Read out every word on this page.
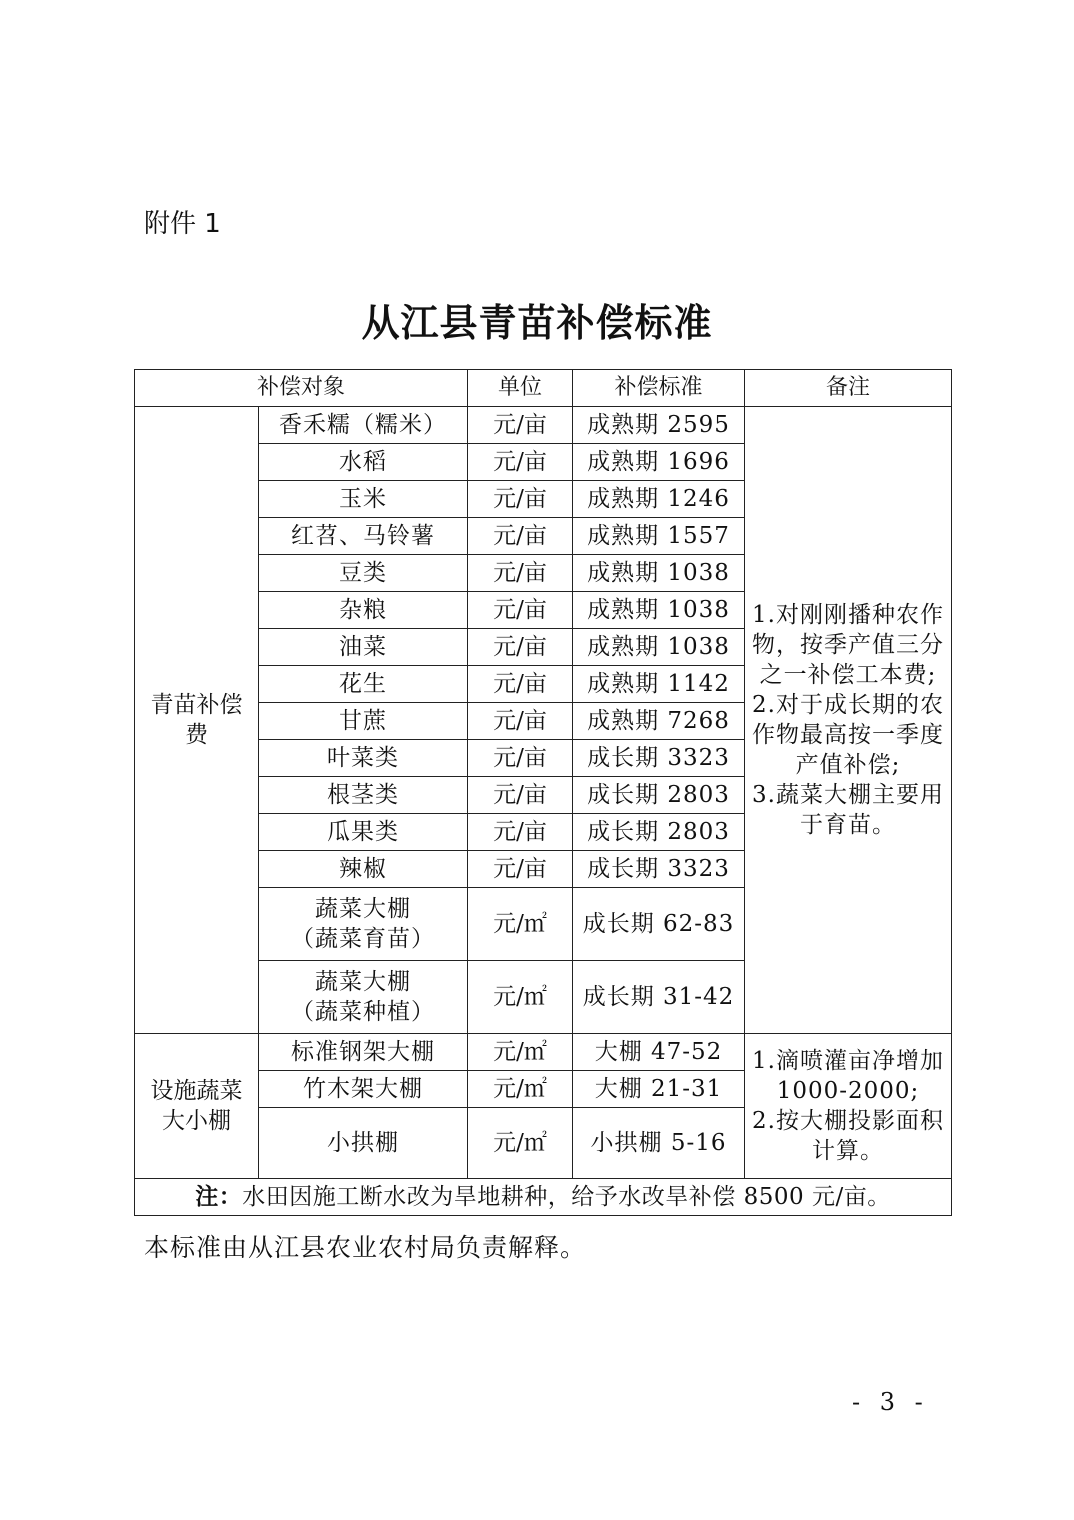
附件 1
从江县青苗补偿标准
补偿对象		单位	补偿标准	备注

青苗补偿费	香禾糯（糯米）	元/亩	成熟期 2595	1.对刚刚播种农作物，按季产值三分之一补偿工本费;
2.对于成长期的农作物最高按一季度产值补偿;
3.蔬菜大棚主要用于育苗。

	水稻	元/亩	成熟期 1696	
	玉米	元/亩	成熟期 1246	
	红苕、马铃薯	元/亩	成熟期 1557	
	豆类	元/亩	成熟期 1038	
	杂粮	元/亩	成熟期 1038	
	油菜	元/亩	成熟期 1038	
	花生	元/亩	成熟期 1142	
	甘蔗	元/亩	成熟期 7268	
	叶菜类	元/亩	成长期 3323	
	根茎类	元/亩	成长期 2803	
	瓜果类	元/亩	成长期 2803	
	辣椒	元/亩	成长期 3323	

	蔬菜大棚
（蔬菜育苗）	元/㎡	成长期 62-83	

	蔬菜大棚
（蔬菜种植）	元/㎡	成长期 31-42	

设施蔬菜大小棚	标准钢架大棚	元/㎡	大棚 47-52	1.滴喷灌亩净增加 1000-2000;
2.按大棚投影面积计算。

	竹木架大棚	元/㎡	大棚 21-31	
	小拱棚	元/㎡	小拱棚 5-16	
注：水田因施工断水改为旱地耕种，给予水改旱补偿 8500 元/亩。				
本标准由从江县农业农村局负责解释。
- 3 -
